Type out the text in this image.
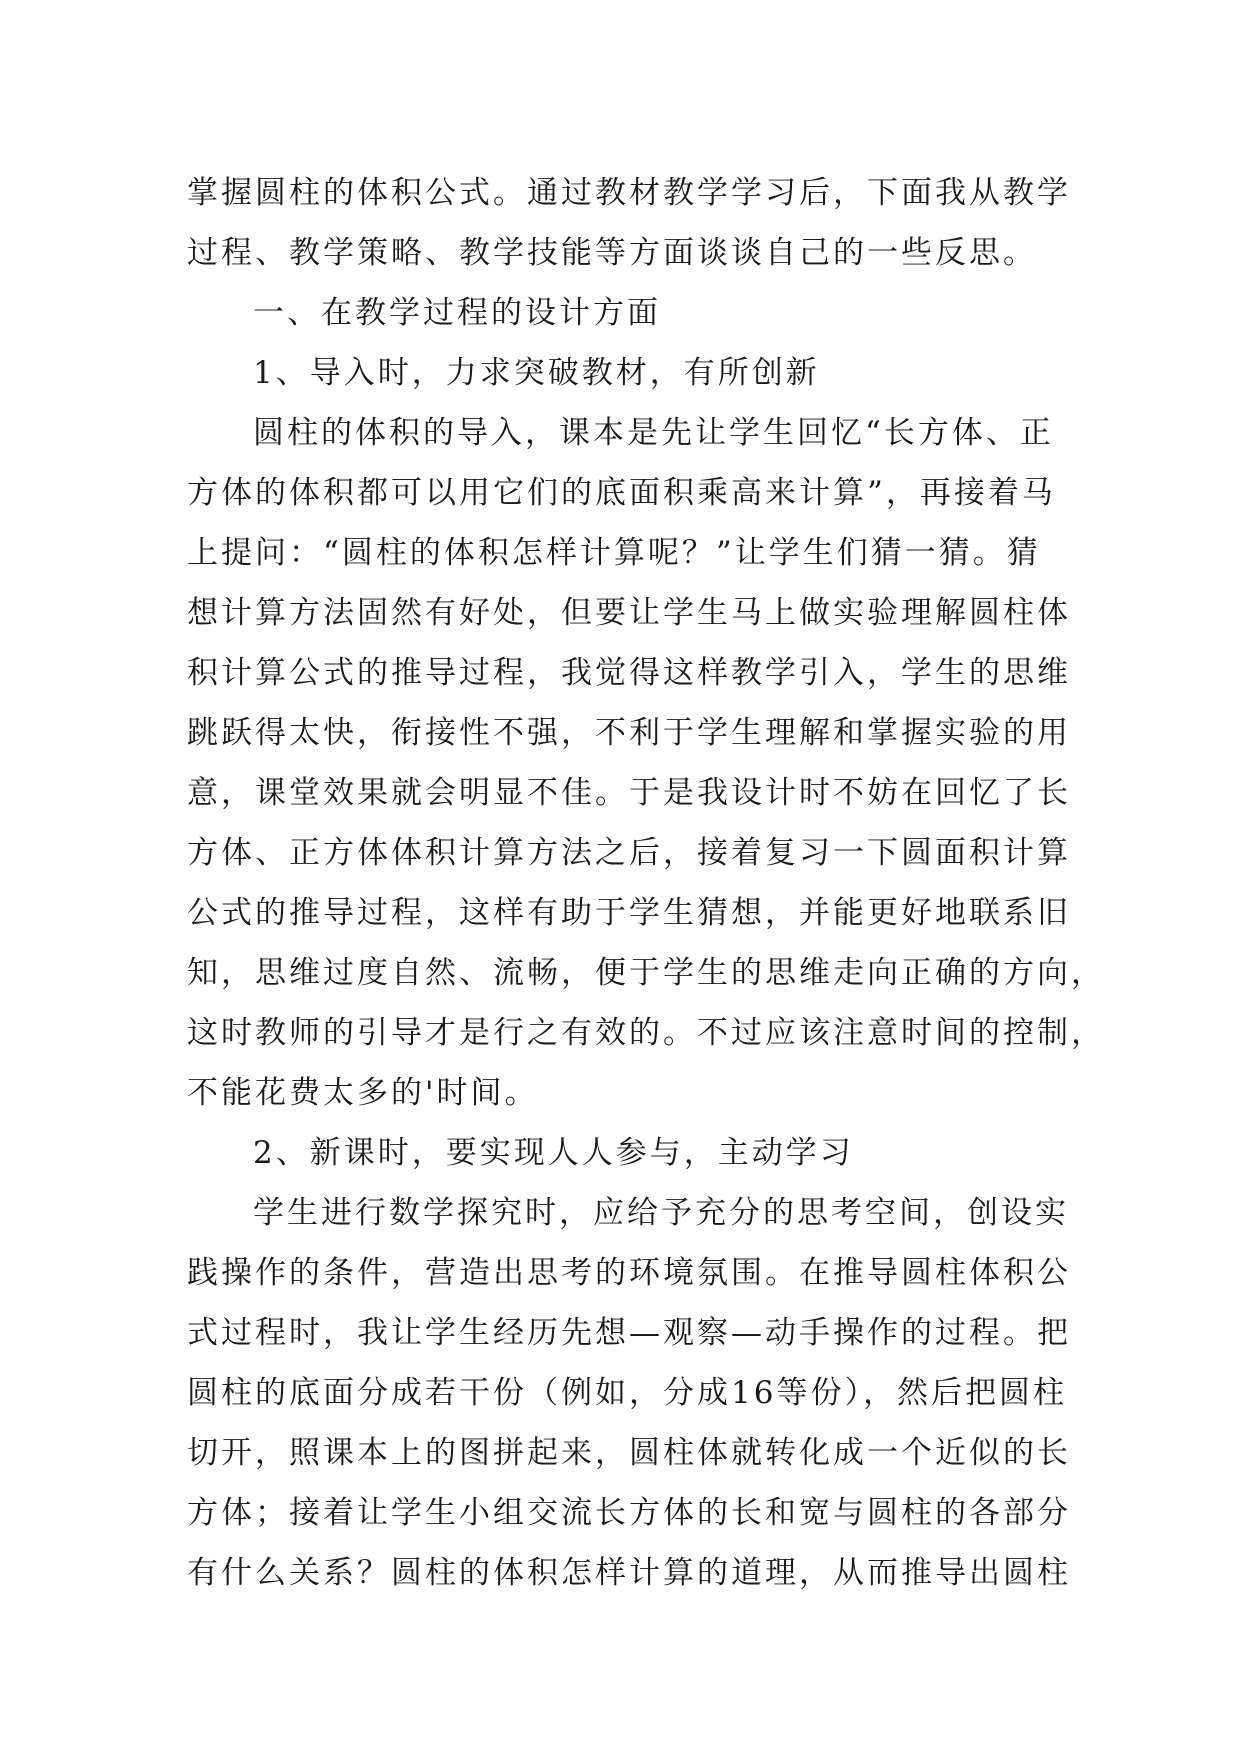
掌握圆柱的体积公式。通过教材教学学习后，下面我从教学
过程、教学策略、教学技能等方面谈谈自己的一些反思。
一、在教学过程的设计方面
1、导入时，力求突破教材，有所创新
圆柱的体积的导入，课本是先让学生回忆“长方体、正
方体的体积都可以用它们的底面积乘高来计算”，再接着马
上提问：“圆柱的体积怎样计算呢？”让学生们猜一猜。猜
想计算方法固然有好处，但要让学生马上做实验理解圆柱体
积计算公式的推导过程，我觉得这样教学引入，学生的思维
跳跃得太快，衔接性不强，不利于学生理解和掌握实验的用
意，课堂效果就会明显不佳。于是我设计时不妨在回忆了长
方体、正方体体积计算方法之后，接着复习一下圆面积计算
公式的推导过程，这样有助于学生猜想，并能更好地联系旧
知，思维过度自然、流畅，便于学生的思维走向正确的方向，
这时教师的引导才是行之有效的。不过应该注意时间的控制，
不能花费太多的'时间。
2、新课时，要实现人人参与，主动学习
学生进行数学探究时，应给予充分的思考空间，创设实
践操作的条件，营造出思考的环境氛围。在推导圆柱体积公
式过程时，我让学生经历先想—观察—动手操作的过程。把
圆柱的底面分成若干份（例如，分成16等份），然后把圆柱
切开，照课本上的图拼起来，圆柱体就转化成一个近似的长
方体；接着让学生小组交流长方体的长和宽与圆柱的各部分
有什么关系？圆柱的体积怎样计算的道理，从而推导出圆柱
